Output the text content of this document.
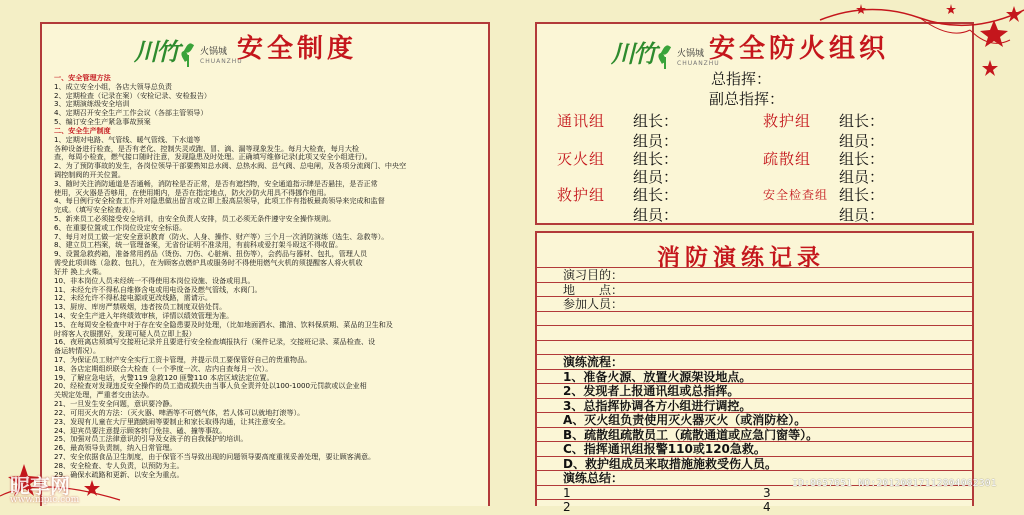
川竹 火锅城
CHUANZHU
安全制度
一、安全管理方法
1、成立安全小组，各店大领导总负责
2、定期检查（记录在案）（安检记录、安检报告）
3、定期演练级安全培训
4、定期召开安全生产工作会议（各部主管领导）
5、编订安全生产紧急事故预案
二、安全生产制度
1、定期对电路、气管线、暖气管线、下水道等
各种设备进行检查，是否有老化、控制失灵或跑、冒、滴、漏等现象发生。每月大检查，每月大检
查，每周小检查，燃气接口随时注意，发现隐患及时处理。正确填写维修记录(此项又安全小组进行)。
2、为了预防事故的发生，各岗位领导干部要熟知总水阀、总热水阀、总气阀、总电闸，及各项分流阀门、中央空
调控制阀的开关位置。
3、随时关注消防通道是否通畅，消防栓是否正常，是否有遮挡物，安全通道指示牌是否悬挂，是否正常
使用，灭火器是否够用，在使用期内，是否在指定地点，防火沙防火用具不得挪作他用。
4、每日例行安全检查工作并对隐患做出留言或立即上报高层领导，此项工作有指板最高领导来完成和监督
完成。（填写安全检查表）。
5、新来员工必须接受安全培训，由安全负责人安排，员工必须无条件遵守安全操作规则。
6、在重要位置或工作岗位设定安全标语。
7、每月对员工做一定安全意识教育（防火、人身、操作、财产等）三个月一次消防演练（选生、急救等）。
8、建立员工档案，统一管理备案，无省份证明不准录用，有前科或爱打架斗殴这不得收留。
9、设置急救药箱，准备常用药品（烫伤、刀伤、心脏病、扭伤等），会药品与器材、包扎，管理人员
需受此项训练（急救、包扎），在为顾客点燃炉具或服务时不得使用燃气火机的须提醒客人将火机收
好并 换上火柴。
10、非本岗位人员未经统一不得使用本岗位设施、设备或用具。
11、未经允许不得私自维修含电或用电设备及燃气管线，水阀门。
12、未经允许不得私接电源或更改线路，需请示。
13、厨房、库房严禁吸烟，违者按员工制度双倍处罚。
14、安全生产进入年终绩效审核，详情以绩效管理为准。
15、在每周安全检查中对于存在安全隐患要及时处理，（比如地面洒水、撒油、饮料保质期、菜品的卫生和及
时将客人衣服摆好，发现可疑人员立即上报）
16、夜班离店须填写交接班记录并且要进行安全检查填报执行（案件记录，交接班记录、菜品检查、设
备运转情况）。
17、为保证员工财产安全实行工资卡管理，并提示员工要保管好自己的贵重物品。
18、各店定期组织联合大检查（一个季度一次、店内自查每月一次）。
19、了解应急电话，火警119 急救120 匪警110 本店区域法定位置。
20、经检查对发现违反安全操作的员工造成损失由当事人负全责并处以100-1000元罚款或以企业相
关规定处理，严重者交由法办。
21、一旦发生安全问题，意识要冷静。
22、可用灭火的方法：（灭火器、啤酒等不可燃气体，若人体可以就地打滚等）。
23、发现有儿童在大厅里跑跳闹等要制止和家长取得沟通，让其注意安全。
24、迎宾员要注意提示顾客转门免挂、磕、撞等事故。
25、加强对员工法律意识的引导及女孩子的自我保护的培训。
26、最高领导负责制，纳入日常管理。
27、安全依据食品卫生制度，由于保管不当导致出现的问题领导要高度重视妥善处理，要让顾客满意。
28、安全检查、专人负责，以预防为主。
29、确保水疏路和更新、以安全为重点。
川竹 火锅城
CHUANZHU
安全防火组织
总指挥：
副总指挥：
通讯组 组长：
组员：
灭火组 组长：
组员：
救护组 组长：
组员：
救护组 组长：
组员：
疏散组 组长：
组员：
安全检查组 组长：
组员：
消防演练记录
演习目的：
地　　点：
参加人员：
演练流程：
1、准备火源、放置火源架设地点。
2、发现者上报通讯组或总指挥。
3、总指挥协调各方小组进行调控。
A、灭火组负责使用灭火器灭火（或消防栓）。
B、疏散组疏散员工（疏散通道或应急门窗等）。
C、指挥通讯组报警110或120急救。
D、救护组成员来取措施施救受伤人员。
演练总结：
1	3
2	4
昵享网
www.nipic.com
ID:8657651 NO:20120817112804062301
